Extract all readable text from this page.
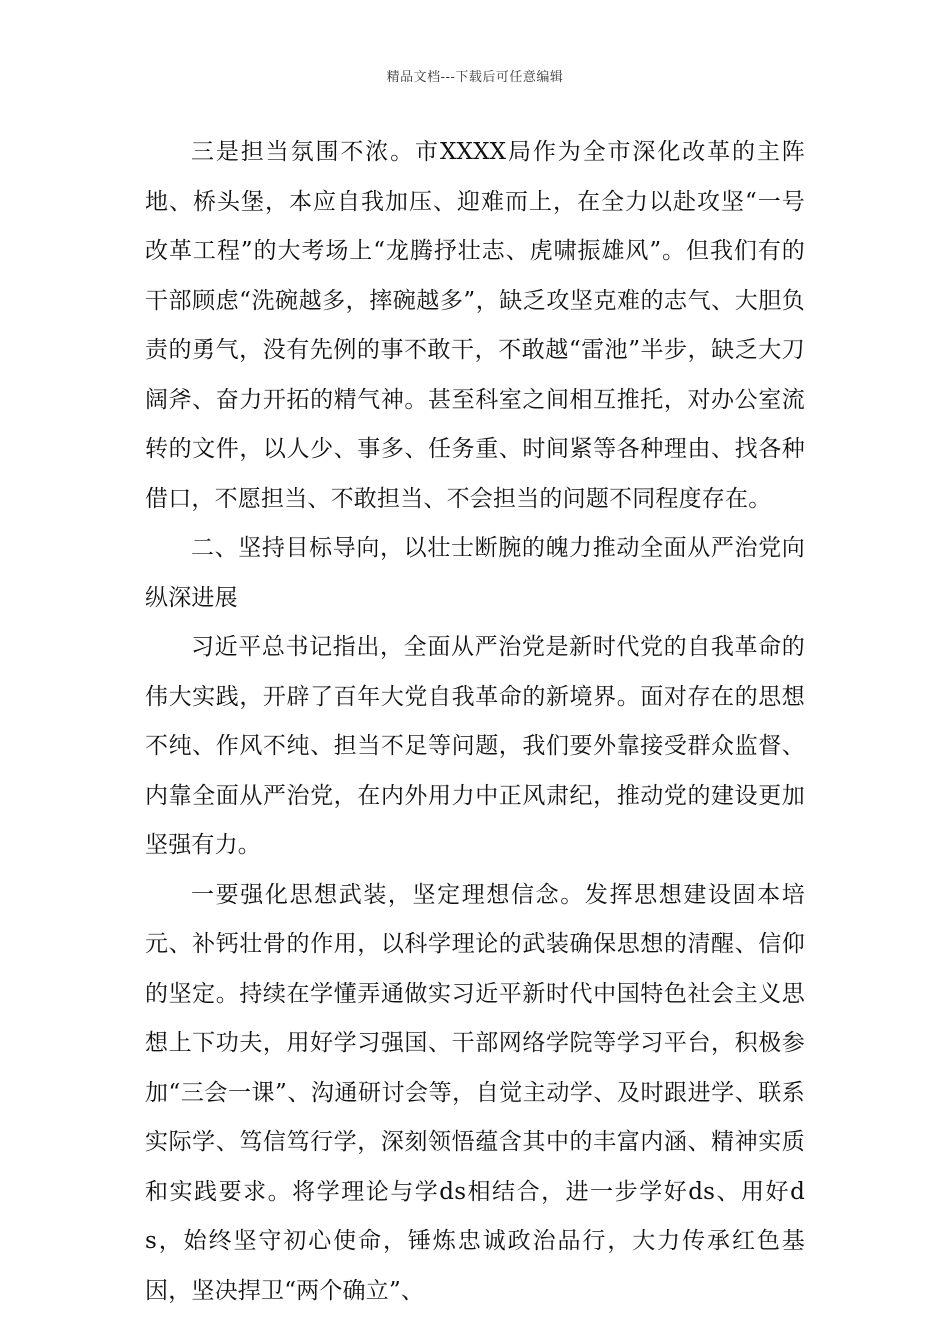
精品文档---下载后可任意编辑

三是担当氛围不浓。市XXXX局作为全市深化改革的主阵地、桥头堡，本应自我加压、迎难而上，在全力以赴攻坚“一号改革工程”的大考场上“龙腾抒壮志、虎啸振雄风”。但我们有的干部顾虑“洗碗越多，摔碗越多”，缺乏攻坚克难的志气、大胆负责的勇气，没有先例的事不敢干，不敢越“雷池”半步，缺乏大刀阔斧、奋力开拓的精气神。甚至科室之间相互推托，对办公室流转的文件，以人少、事多、任务重、时间紧等各种理由、找各种借口，不愿担当、不敢担当、不会担当的问题不同程度存在。

二、坚持目标导向，以壮士断腕的魄力推动全面从严治党向纵深进展

习近平总书记指出，全面从严治党是新时代党的自我革命的伟大实践，开辟了百年大党自我革命的新境界。面对存在的思想不纯、作风不纯、担当不足等问题，我们要外靠接受群众监督、内靠全面从严治党，在内外用力中正风肃纪，推动党的建设更加坚强有力。

一要强化思想武装，坚定理想信念。发挥思想建设固本培元、补钙壮骨的作用，以科学理论的武装确保思想的清醒、信仰的坚定。持续在学懂弄通做实习近平新时代中国特色社会主义思想上下功夫，用好学习强国、干部网络学院等学习平台，积极参加“三会一课”、沟通研讨会等，自觉主动学、及时跟进学、联系实际学、笃信笃行学，深刻领悟蕴含其中的丰富内涵、精神实质和实践要求。将学理论与学ds相结合，进一步学好ds、用好ds，始终坚守初心使命，锤炼忠诚政治品行，大力传承红色基因，坚决捍卫“两个确立”、
